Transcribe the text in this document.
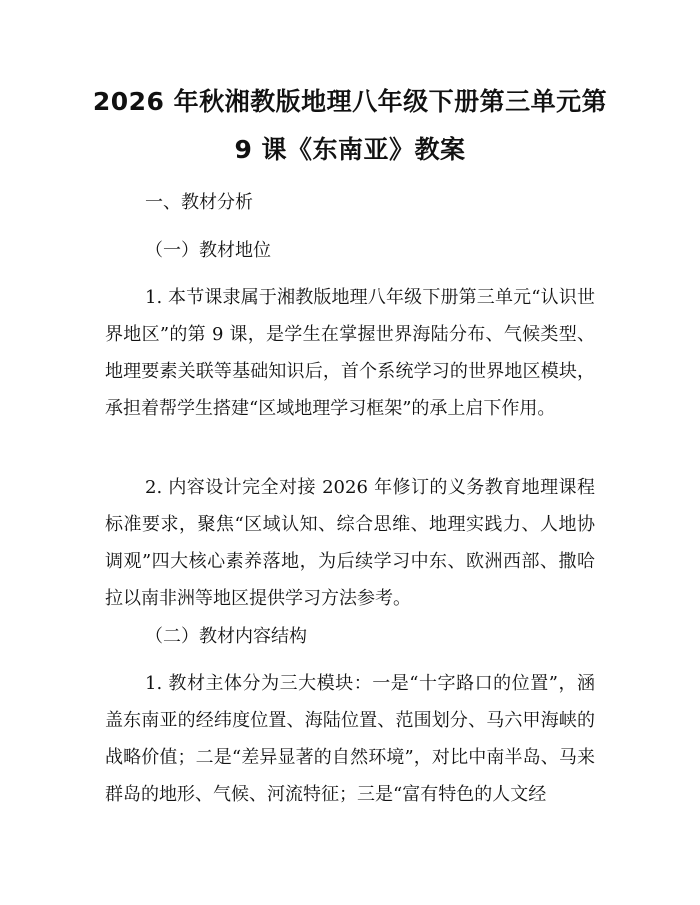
2026 年秋湘教版地理八年级下册第三单元第
9 课《东南亚》教案

一、教材分析

（一）教材地位

1. 本节课隶属于湘教版地理八年级下册第三单元“认识世界地区”的第 9 课，是学生在掌握世界海陆分布、气候类型、地理要素关联等基础知识后，首个系统学习的世界地区模块，承担着帮学生搭建“区域地理学习框架”的承上启下作用。

2. 内容设计完全对接 2026 年修订的义务教育地理课程标准要求，聚焦“区域认知、综合思维、地理实践力、人地协调观”四大核心素养落地，为后续学习中东、欧洲西部、撒哈拉以南非洲等地区提供学习方法参考。

（二）教材内容结构

1. 教材主体分为三大模块：一是“十字路口的位置”，涵盖东南亚的经纬度位置、海陆位置、范围划分、马六甲海峡的战略价值；二是“差异显著的自然环境”，对比中南半岛、马来群岛的地形、气候、河流特征；三是“富有特色的人文经
